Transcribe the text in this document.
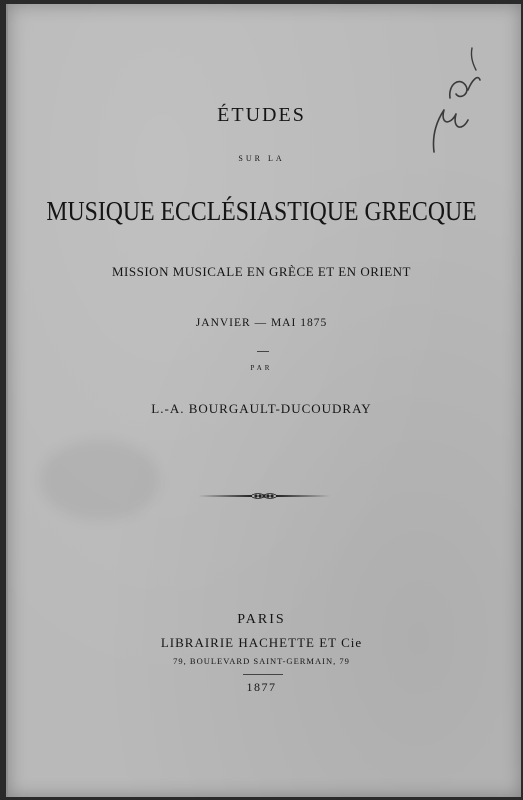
ÉTUDES
SUR LA
MUSIQUE ECCLÉSIASTIQUE GRECQUE
MISSION MUSICALE EN GRÈCE ET EN ORIENT
JANVIER — MAI 1875
PAR
L.-A. BOURGAULT-DUCOUDRAY
PARIS
LIBRAIRIE HACHETTE ET Cie
79, BOULEVARD SAINT-GERMAIN, 79
1877
